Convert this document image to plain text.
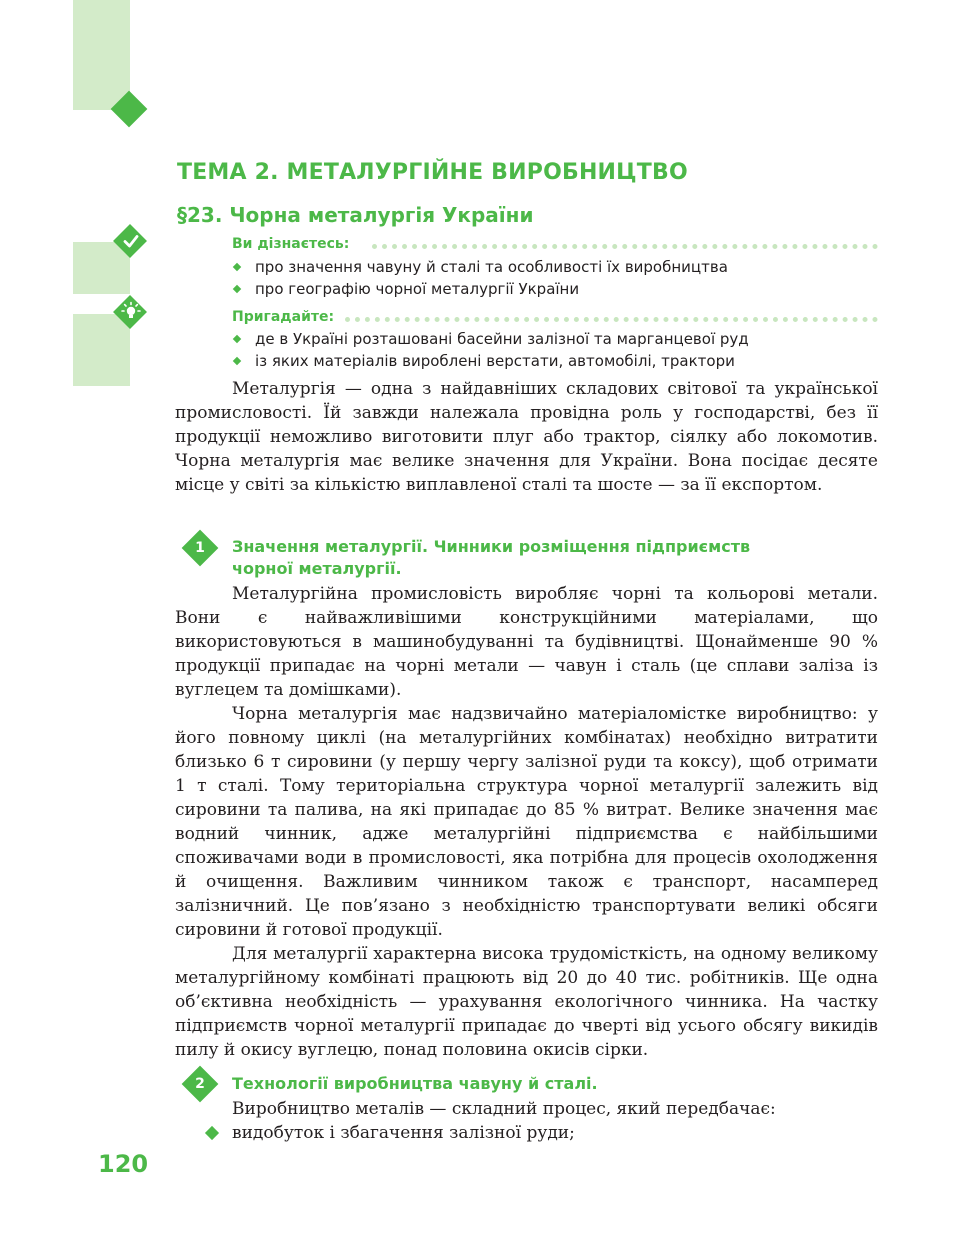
ТЕМА 2. МЕТАЛУРГІЙНЕ ВИРОБНИЦТВО
§23. Чорна металургія України
Ви дізнаєтесь:
про значення чавуну й сталі та особливості їх виробництва
про географію чорної металургії України
Пригадайте:
де в Україні розташовані басейни залізної та марганцевої руд
із яких матеріалів вироблені верстати, автомобілі, трактори

Металургія — одна з найдавніших складових світової та української промисловості. Їй завжди належала провідна роль у господарстві, без її продукції неможливо виготовити плуг або трактор, сіялку або локомотив. Чорна металургія має велике значення для України. Вона посідає десяте місце у світі за кількістю виплавленої сталі та шосте — за її експортом.

1	Значення металургії. Чинники розміщення підприємств
чорної металургії.

Металургійна промисловість виробляє чорні та кольорові метали. Вони є найважливішими конструкційними матеріалами, що використовуються в машинобудуванні та будівництві. Щонайменше 90 % продукції припадає на чорні метали — чавун і сталь (це сплави заліза із вуглецем та домішками).

Чорна металургія має надзвичайно матеріаломістке виробництво: у його повному циклі (на металургійних комбінатах) необхідно витратити близько 6 т сировини (у першу чергу залізної руди та коксу), щоб отримати 1 т сталі. Тому територіальна структура чорної металургії залежить від сировини та палива, на які припадає до 85 % витрат. Велике значення має водний чинник, адже металургійні підприємства є найбільшими споживачами води в промисловості, яка потрібна для процесів охолодження й очищення. Важливим чинником також є транспорт, насамперед залізничний. Це пов’язано з необхідністю транспортувати великі обсяги сировини й готової продукції.

Для металургії характерна висока трудомісткість, на одному великому металургійному комбінаті працюють від 20 до 40 тис. робітників. Ще одна об’єктивна необхідність — урахування екологічного чинника. На частку підприємств чорної металургії припадає до чверті від усього обсягу викидів пилу й окису вуглецю, понад половина окисів сірки.

2	Технології виробництва чавуну й сталі.

Виробництво металів — складний процес, який передбачає:

видобуток і збагачення залізної руди;
120
